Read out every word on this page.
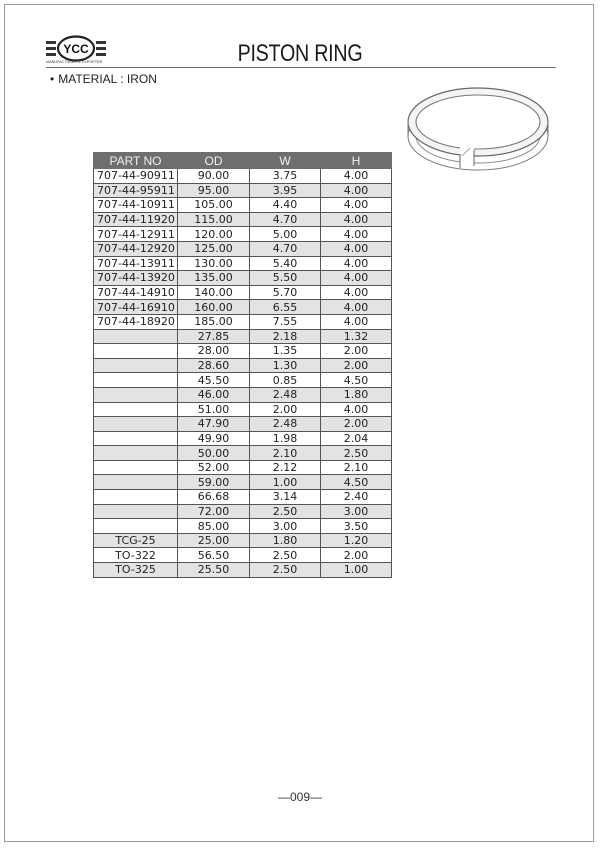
YCC
MANUFACTURER & EXPORTER	PISTON RING
• MATERIAL : IRON
PART NO	OD	W	H
707-44-90911	90.00	3.75	4.00
707-44-95911	95.00	3.95	4.00
707-44-10911	105.00	4.40	4.00
707-44-11920	115.00	4.70	4.00
707-44-12911	120.00	5.00	4.00
707-44-12920	125.00	4.70	4.00
707-44-13911	130.00	5.40	4.00
707-44-13920	135.00	5.50	4.00
707-44-14910	140.00	5.70	4.00
707-44-16910	160.00	6.55	4.00
707-44-18920	185.00	7.55	4.00
	27.85	2.18	1.32
	28.00	1.35	2.00
	28.60	1.30	2.00
	45.50	0.85	4.50
	46.00	2.48	1.80
	51.00	2.00	4.00
	47.90	2.48	2.00
	49.90	1.98	2.04
	50.00	2.10	2.50
	52.00	2.12	2.10
	59.00	1.00	4.50
	66.68	3.14	2.40
	72.00	2.50	3.00
	85.00	3.00	3.50
TCG-25	25.00	1.80	1.20
TO-322	56.50	2.50	2.00
TO-325	25.50	2.50	1.00
—009—
